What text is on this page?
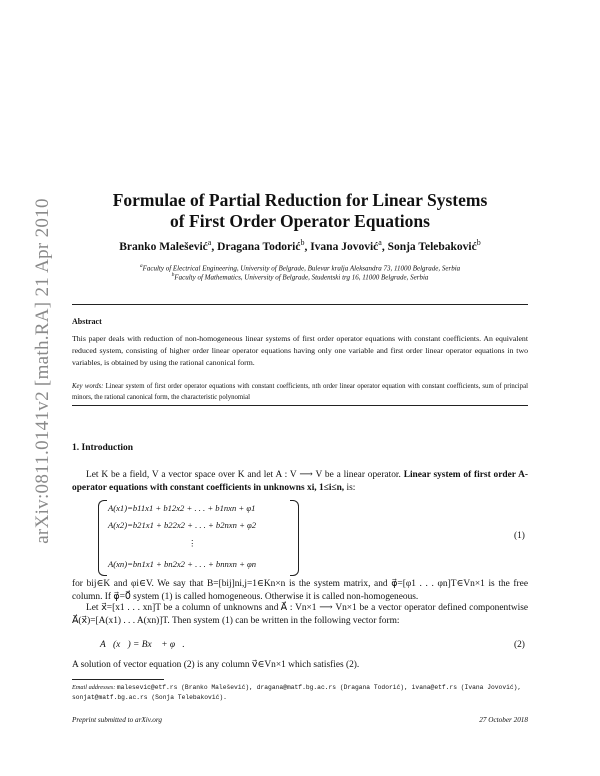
arXiv:0811.0141v2 [math.RA] 21 Apr 2010	Formulae of Partial Reduction for Linear Systems
of First Order Operator Equations
Branko Malešević$^a$, Dragana Todorić$^b$, Ivana Jovović$^a$, Sonja Telebaković$^b$
$^a$Faculty of Electrical Engineering, University of Belgrade, Bulevar kralja Aleksandra 73, 11000 Belgrade, Serbia
$^b$Faculty of Mathematics, University of Belgrade, Studentski trg 16, 11000 Belgrade, Serbia
Abstract
This paper deals with reduction of non-homogeneous linear systems of first order operator equations with constant coefficients. An equivalent reduced system, consisting of higher order linear operator equations having only one variable and first order linear operator equations in two variables, is obtained by using the rational canonical form.
Key words: Linear system of first order operator equations with constant coefficients, nth order linear operator equation with constant coefficients, sum of principal minors, the rational canonical form, the characteristic polynomial
1. Introduction
Let K be a field, V a vector space over K and let A : V ⟶ V be a linear operator. Linear system of first order A-operator equations with constant coefficients in unknowns xi, 1≤i≤n, is:
A(x1)=b11x1 + b12x2 + . . . + b1nxn + φ1
A(x2)=b21x1 + b22x2 + . . . + b2nxn + φ2
⋮
A(xn)=bn1x1 + bn2x2 + . . . + bnnxn + φn
(1)
for bij∈K and φi∈V. We say that B=[bij]ni,j=1∈Kn×n is the system matrix, and φ⃗=[φ1 . . . φn]T∈Vn×1 is the free column. If φ⃗=0⃗ system (1) is called homogeneous. Otherwise it is called non-homogeneous.
Let x⃗=[x1 . . . xn]T be a column of unknowns and A⃗ : Vn×1 ⟶ Vn×1 be a vector operator defined componentwise A⃗(x⃗)=[A(x1) . . . A(xn)]T. Then system (1) can be written in the following vector form:
A⃗(x⃗) = Bx⃗ + φ⃗.	(2)
A solution of vector equation (2) is any column v⃗∈Vn×1 which satisfies (2).
Email addresses: malesevic@etf.rs (Branko Malešević), dragana@matf.bg.ac.rs (Dragana Todorić), ivana@etf.rs (Ivana Jovović), sonjat@matf.bg.ac.rs (Sonja Telebaković).
Preprint submitted to arXiv.org	27 October 2018
